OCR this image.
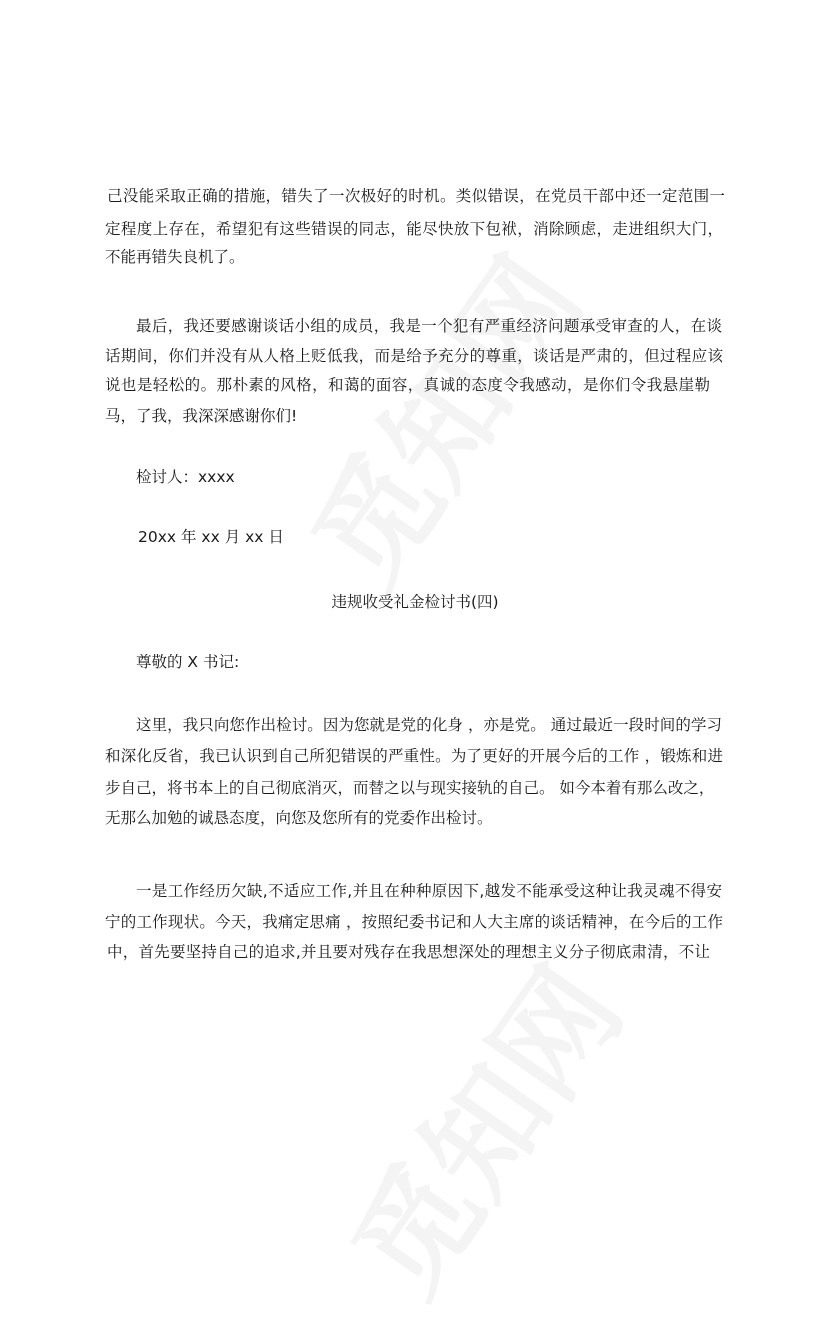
己没能采取正确的措施，错失了一次极好的时机。类似错误，在党员干部中还一定范围一
定程度上存在，希望犯有这些错误的同志，能尽快放下包袱，消除顾虑，走进组织大门，
不能再错失良机了。
最后，我还要感谢谈话小组的成员，我是一个犯有严重经济问题承受审查的人，在谈
话期间，你们并没有从人格上贬低我，而是给予充分的尊重，谈话是严肃的，但过程应该
说也是轻松的。那朴素的风格，和蔼的面容，真诚的态度令我感动，是你们令我悬崖勒
马，了我，我深深感谢你们!
检讨人：xxxx
20xx 年 xx 月 xx 日
违规收受礼金检讨书(四)
尊敬的 X 书记:
这里，我只向您作出检讨。因为您就是党的化身 ，亦是党。 通过最近一段时间的学习
和深化反省，我已认识到自己所犯错误的严重性。为了更好的开展今后的工作 ，锻炼和进
步自己，将书本上的自己彻底消灭，而替之以与现实接轨的自己。 如今本着有那么改之，
无那么加勉的诚恳态度，向您及您所有的党委作出检讨。
一是工作经历欠缺,不适应工作,并且在种种原因下,越发不能承受这种让我灵魂不得安
宁的工作现状。今天，我痛定思痛 ，按照纪委书记和人大主席的谈话精神，在今后的工作
中，首先要坚持自己的追求,并且要对残存在我思想深处的理想主义分子彻底肃清，不让
